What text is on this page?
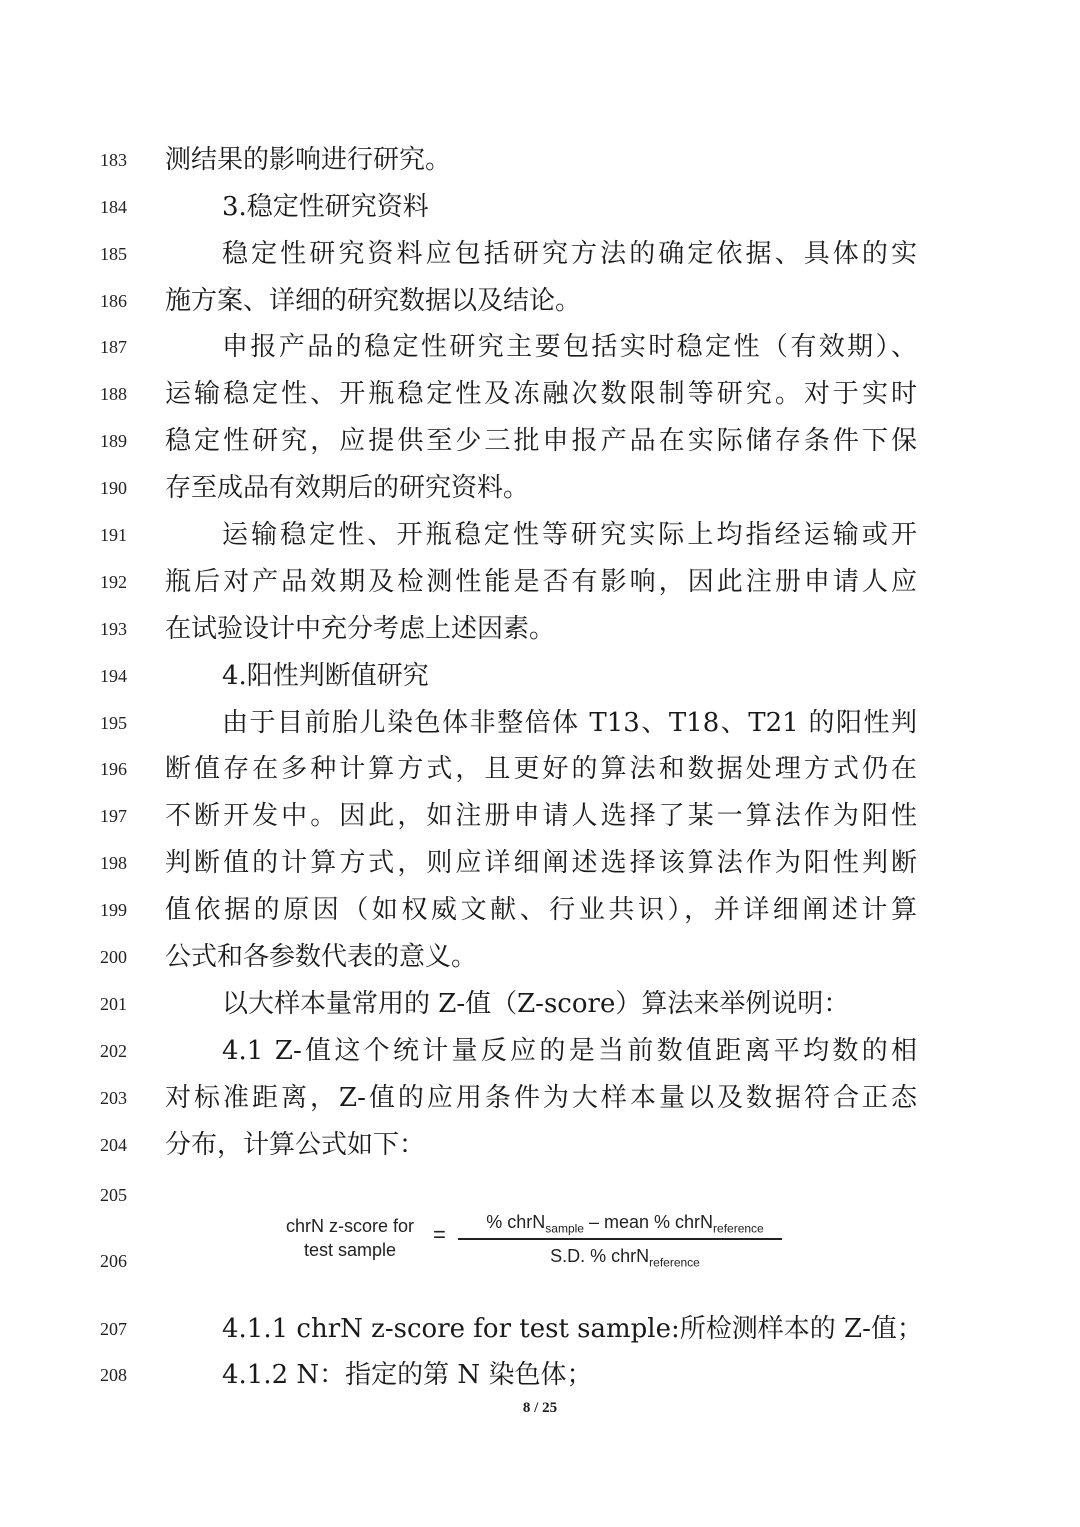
183 测结果的影响进行研究。
184	3.稳定性研究资料
185	稳定性研究资料应包括研究方法的确定依据、具体的实
186 施方案、详细的研究数据以及结论。
187	申报产品的稳定性研究主要包括实时稳定性（有效期）、
188 运输稳定性、开瓶稳定性及冻融次数限制等研究。对于实时
189 稳定性研究，应提供至少三批申报产品在实际储存条件下保
190 存至成品有效期后的研究资料。
191	运输稳定性、开瓶稳定性等研究实际上均指经运输或开
192 瓶后对产品效期及检测性能是否有影响，因此注册申请人应
193 在试验设计中充分考虑上述因素。
194	4.阳性判断值研究
195	由于目前胎儿染色体非整倍体 T13、T18、T21 的阳性判
196 断值存在多种计算方式，且更好的算法和数据处理方式仍在
197 不断开发中。因此，如注册申请人选择了某一算法作为阳性
198 判断值的计算方式，则应详细阐述选择该算法作为阳性判断
199 值依据的原因（如权威文献、行业共识），并详细阐述计算
200 公式和各参数代表的意义。
201	以大样本量常用的 Z-值（Z-score）算法来举例说明：
202	4.1 Z-值这个统计量反应的是当前数值距离平均数的相
203 对标准距离，Z-值的应用条件为大样本量以及数据符合正态
204 分布，计算公式如下：
205
206
207	4.1.1 chrN z-score for test sample:所检测样本的 Z-值；
208	4.1.2 N：指定的第 N 染色体；
chrN z-score for
test sample
=	% chrN$_{sample}$ – mean % chrN$_{reference}$
S.D. % chrN$_{reference}$
8 / 25
